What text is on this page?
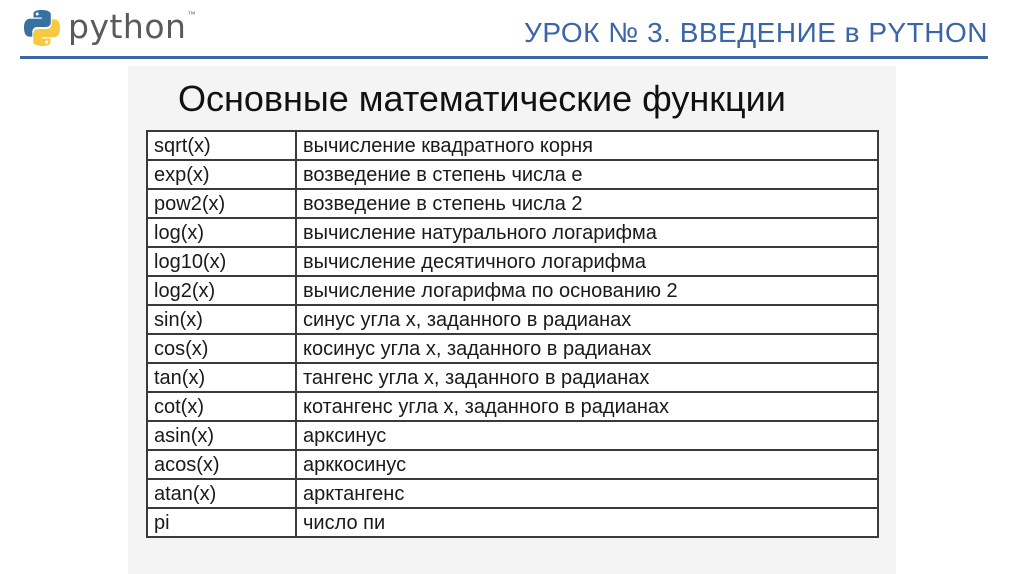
python ™
УРОК № 3. ВВЕДЕНИЕ в PYTHON
Основные математические функции
sqrt(x)	вычисление квадратного корня
exp(x)	возведение в степень числа е
pow2(x)	возведение в степень числа 2
log(x)	вычисление натурального логарифма
log10(x)	вычисление десятичного логарифма
log2(x)	вычисление логарифма по основанию 2
sin(x)	синус угла х, заданного в радианах
cos(x)	косинус угла х, заданного в радианах
tan(x)	тангенс угла х, заданного в радианах
cot(x)	котангенс угла х, заданного в радианах
asin(x)	арксинус
acos(x)	арккосинус
atan(x)	арктангенс
pi	число пи
